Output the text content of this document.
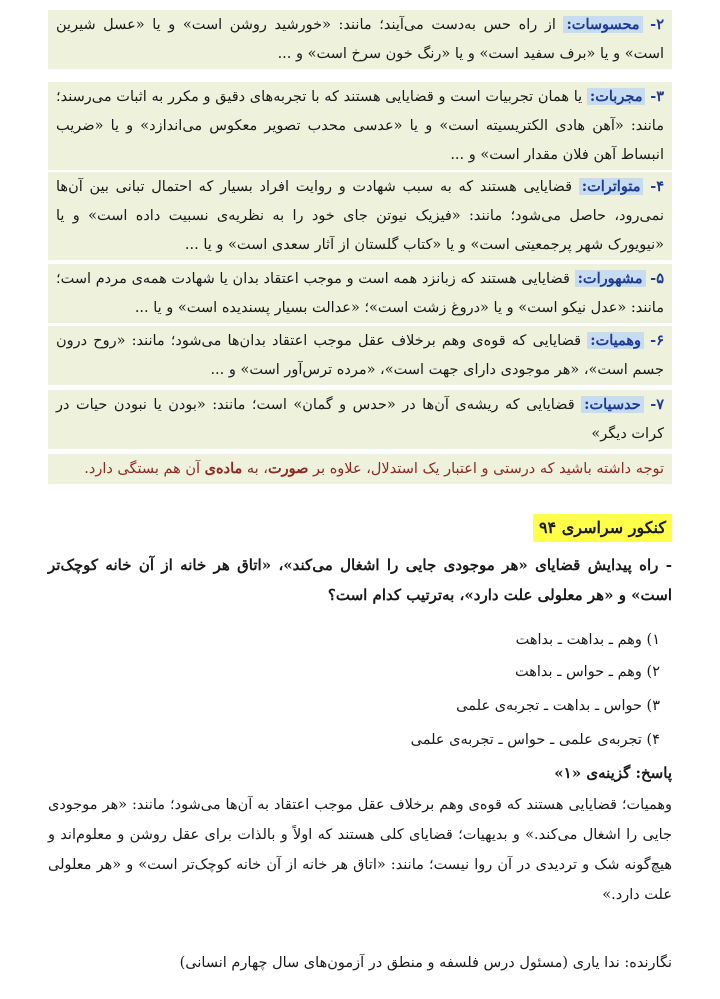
۲- محسوسات: از راه حس به‌دست می‌آیند؛ مانند: «خورشید روشن است» و یا «عسل شیرین است» و یا «برف سفید است» و یا «رنگ خون سرخ است» و ...
۳- مجربات: یا همان تجربیات است و قضایایی هستند که با تجربه‌های دقیق و مکرر به اثبات می‌رسند؛ مانند: «آهن هادی الکتریسیته است» و یا «عدسی محدب تصویر معکوس می‌اندازد» و یا «ضریب انبساط آهن فلان مقدار است» و ...
۴- متواترات: قضایایی هستند که به سبب شهادت و روایت افراد بسیار که احتمال تبانی بین آن‌ها نمی‌رود، حاصل می‌شود؛ مانند: «فیزیک نیوتن جای خود را به نظریه‌ی نسبیت داده است» و یا «نیویورک شهر پرجمعیتی است» و یا «کتاب گلستان از آثار سعدی است» و یا ...
۵- مشهورات: قضایایی هستند که زبانزد همه است و موجب اعتقاد بدان یا شهادت همه‌ی مردم است؛ مانند: «عدل نیکو است» و یا «دروغ زشت است»؛ «عدالت بسیار پسندیده است» و یا ...
۶- وهمیات: قضایایی که قوه‌ی وهم برخلاف عقل موجب اعتقاد بدان‌ها می‌شود؛ مانند: «روح درون جسم است»، «هر موجودی دارای جهت است»، «مرده ترس‌آور است» و ...
۷- حدسیات: قضایایی که ریشه‌ی آن‌ها در «حدس و گمان» است؛ مانند: «بودن یا نبودن حیات در کرات دیگر»
توجه داشته باشید که درستی و اعتبار یک استدلال، علاوه بر صورت، به ماده‌ی آن هم بستگی دارد.
کنکور سراسری ۹۴
- راه پیدایش قضایای «هر موجودی جایی را اشغال می‌کند»، «اتاق هر خانه از آن خانه کوچک‌تر است» و «هر معلولی علت دارد»، به‌ترتیب کدام است؟
۱) وهم ـ بداهت ـ بداهت
۲) وهم ـ حواس ـ بداهت
۳) حواس ـ بداهت ـ تجربه‌ی علمی
۴) تجربه‌ی علمی ـ حواس ـ تجربه‌ی علمی
پاسخ: گزینه‌ی «۱»
وهمیات؛ قضایایی هستند که قوه‌ی وهم برخلاف عقل موجب اعتقاد به آن‌ها می‌شود؛ مانند: «هر موجودی جایی را اشغال می‌کند.» و بدیهیات؛ قضایای کلی هستند که اولاً و بالذات برای عقل روشن و معلوم‌اند و هیچ‌گونه شک و تردیدی در آن روا نیست؛ مانند: «اتاق هر خانه از آن خانه کوچک‌تر است» و «هر معلولی علت دارد.»
نگارنده: ندا یاری (مسئول درس فلسفه و منطق در آزمون‌های سال چهارم انسانی)
